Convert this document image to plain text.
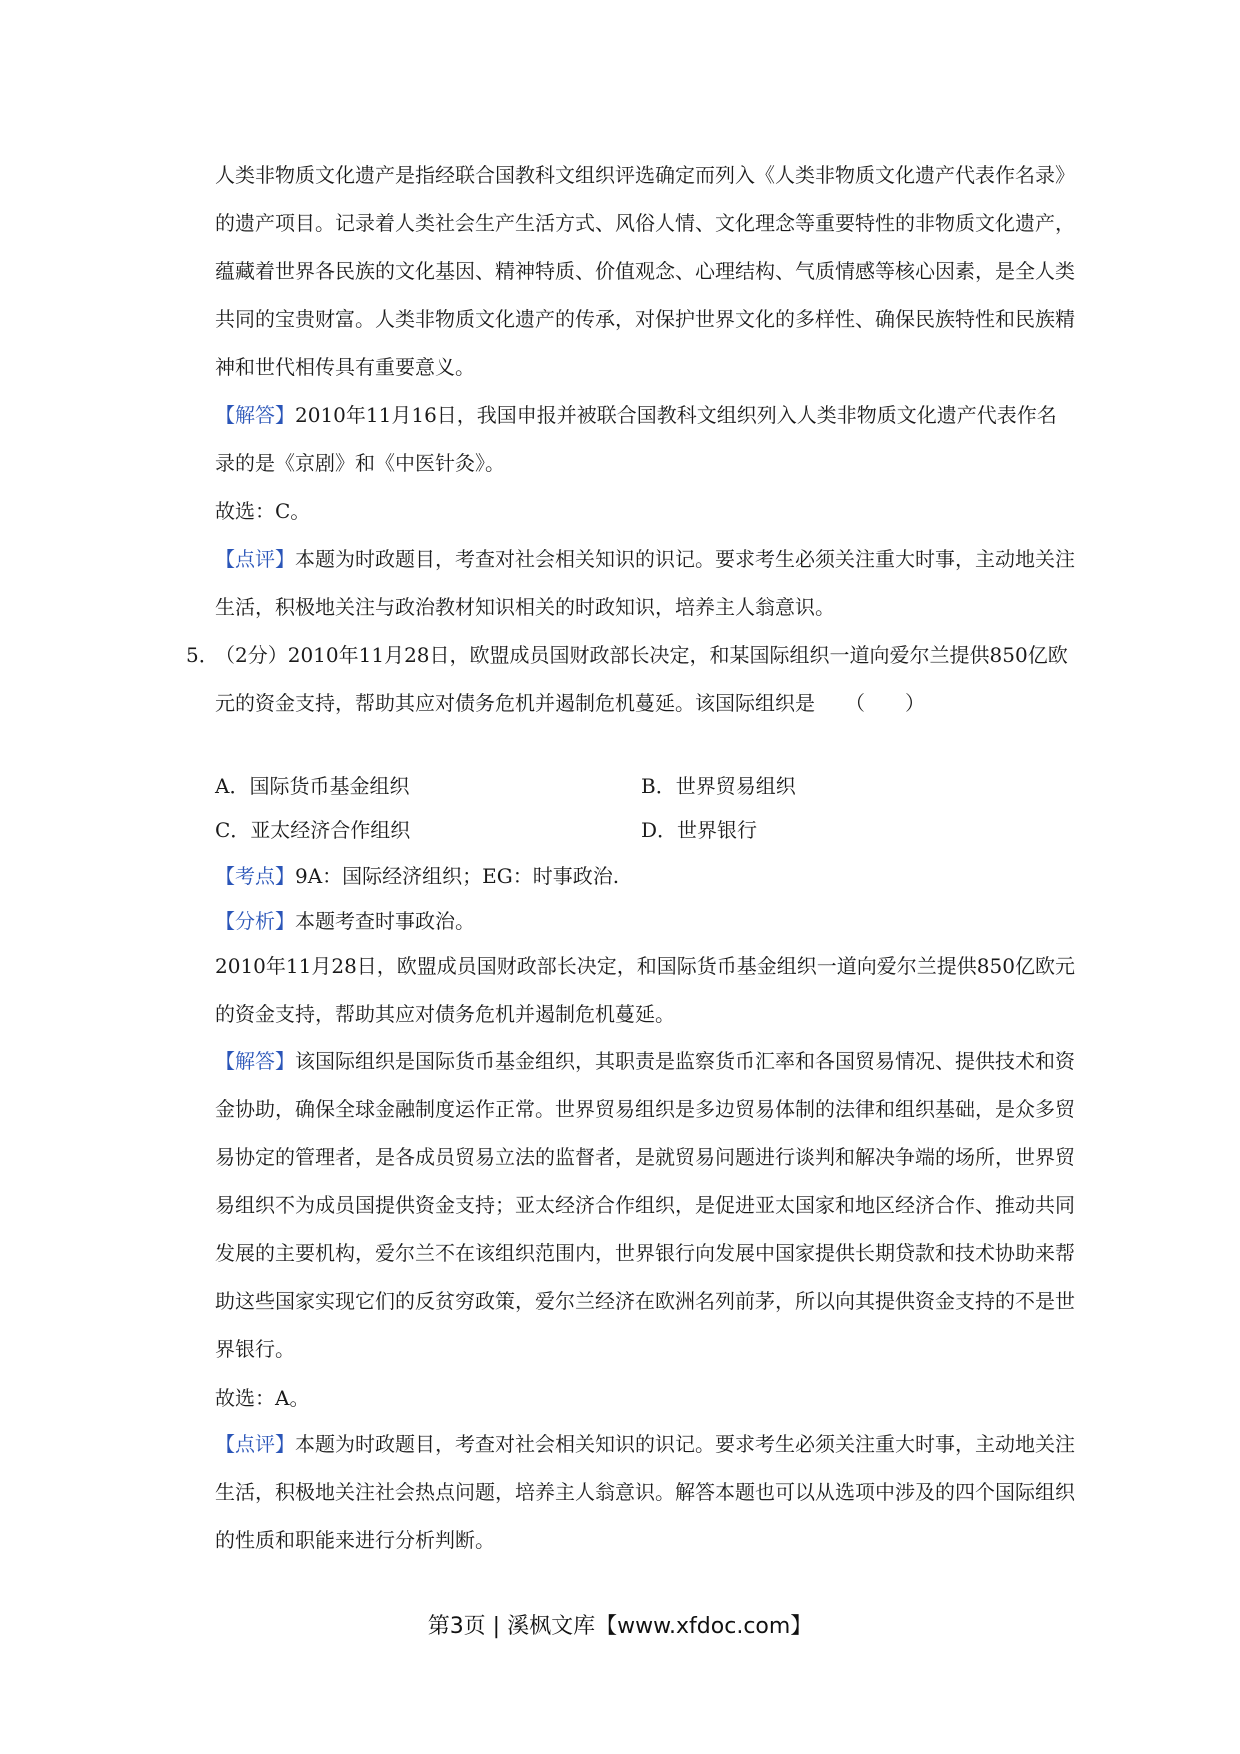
人类非物质文化遗产是指经联合国教科文组织评选确定而列入《人类非物质文化遗产代表作名录》的遗产项目。记录着人类社会生产生活方式、风俗人情、文化理念等重要特性的非物质文化遗产，蕴藏着世界各民族的文化基因、精神特质、价值观念、心理结构、气质情感等核心因素，是全人类共同的宝贵财富。人类非物质文化遗产的传承，对保护世界文化的多样性、确保民族特性和民族精神和世代相传具有重要意义。

【解答】2010年11月16日，我国申报并被联合国教科文组织列入人类非物质文化遗产代表作名录的是《京剧》和《中医针灸》。

故选：C。

【点评】本题为时政题目，考查对社会相关知识的识记。要求考生必须关注重大时事，主动地关注生活，积极地关注与政治教材知识相关的时政知识，培养主人翁意识。

5．

（2分）2010年11月28日，欧盟成员国财政部长决定，和某国际组织一道向爱尔兰提供850亿欧元的资金支持，帮助其应对债务危机并遏制危机蔓延。该国际组织是　　（　　）

A．国际货币基金组织	B．世界贸易组织

C．亚太经济合作组织	D．世界银行

【考点】9A：国际经济组织；EG：时事政治.

【分析】本题考查时事政治。

2010年11月28日，欧盟成员国财政部长决定，和国际货币基金组织一道向爱尔兰提供850亿欧元的资金支持，帮助其应对债务危机并遏制危机蔓延。

【解答】该国际组织是国际货币基金组织，其职责是监察货币汇率和各国贸易情况、提供技术和资金协助，确保全球金融制度运作正常。世界贸易组织是多边贸易体制的法律和组织基础，是众多贸易协定的管理者，是各成员贸易立法的监督者，是就贸易问题进行谈判和解决争端的场所，世界贸易组织不为成员国提供资金支持；亚太经济合作组织，是促进亚太国家和地区经济合作、推动共同发展的主要机构，爱尔兰不在该组织范围内，世界银行向发展中国家提供长期贷款和技术协助来帮助这些国家实现它们的反贫穷政策，爱尔兰经济在欧洲名列前茅，所以向其提供资金支持的不是世界银行。

故选：A。

【点评】本题为时政题目，考查对社会相关知识的识记。要求考生必须关注重大时事，主动地关注生活，积极地关注社会热点问题，培养主人翁意识。解答本题也可以从选项中涉及的四个国际组织的性质和职能来进行分析判断。

第3页 | 溪枫文库【www.xfdoc.com】
